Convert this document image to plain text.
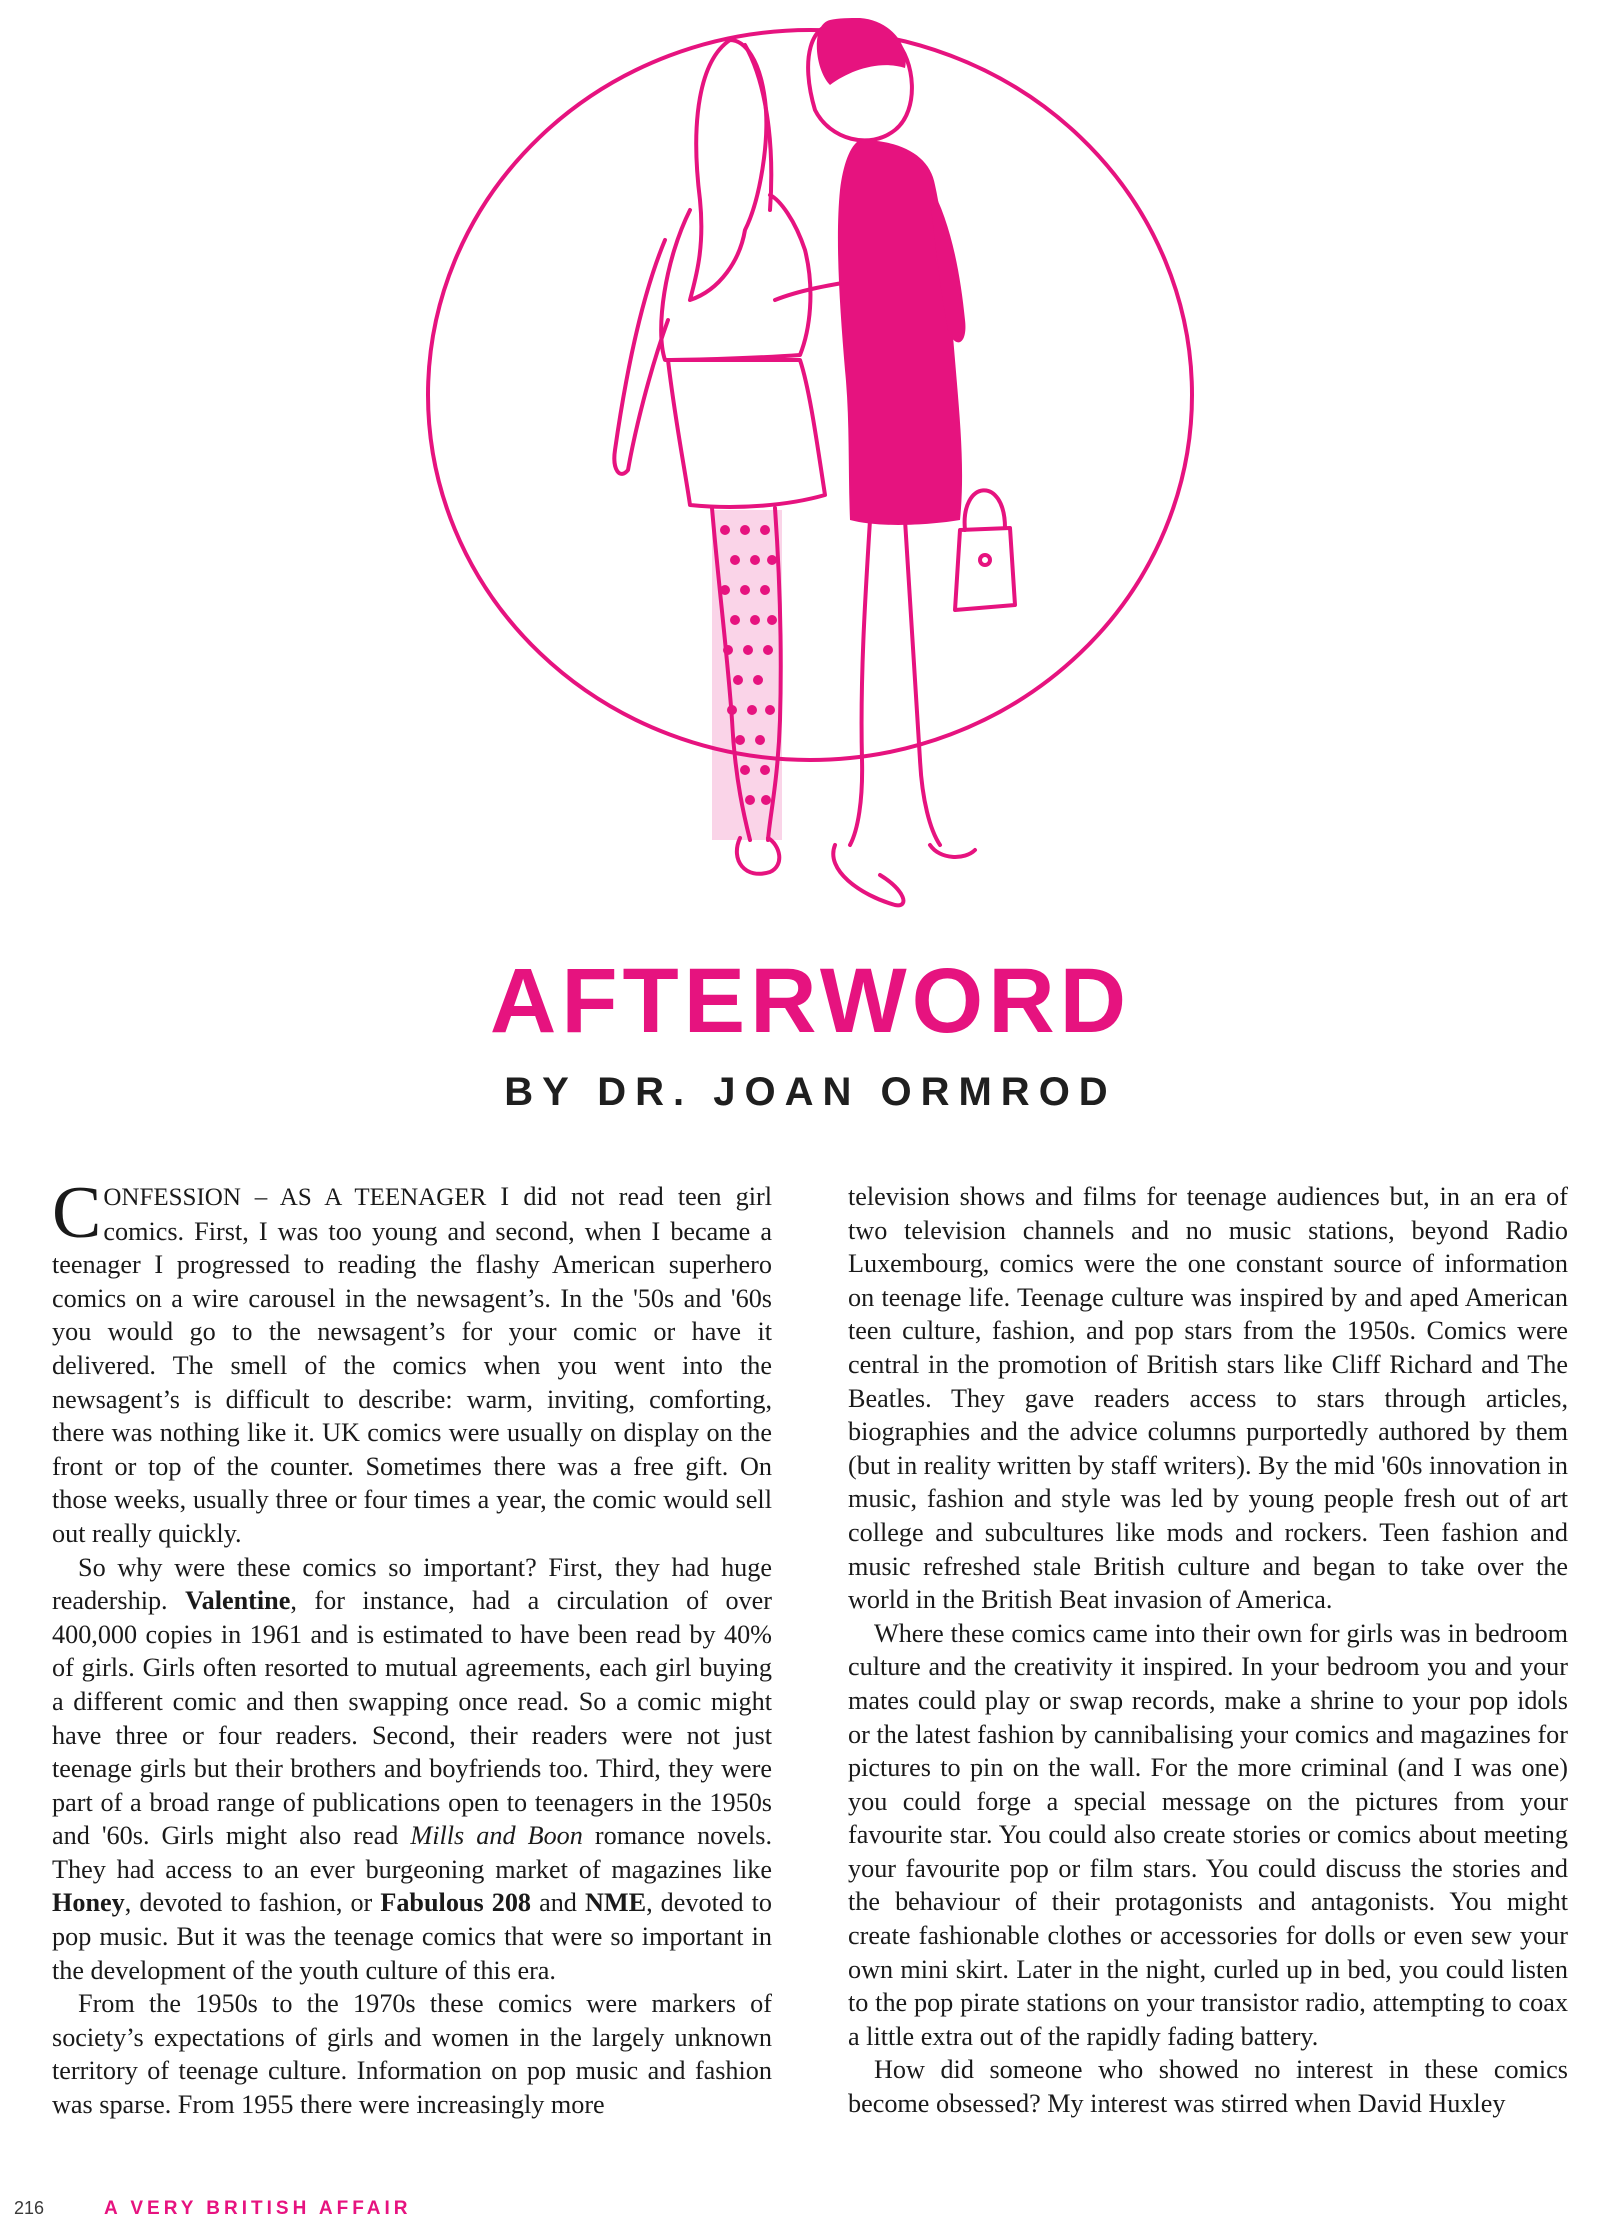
AFTERWORD
BY DR. JOAN ORMROD

CONFESSION – AS A TEENAGER I did not read teen girl comics. First, I was too young and second, when I became a teenager I progressed to reading the flashy American superhero comics on a wire carousel in the newsagent’s. In the '50s and '60s you would go to the newsagent’s for your comic or have it delivered. The smell of the comics when you went into the newsagent’s is difficult to describe: warm, inviting, comforting, there was nothing like it. UK comics were usually on display on the front or top of the counter. Sometimes there was a free gift. On those weeks, usually three or four times a year, the comic would sell out really quickly.

So why were these comics so important? First, they had huge readership. Valentine, for instance, had a circulation of over 400,000 copies in 1961 and is estimated to have been read by 40% of girls. Girls often resorted to mutual agreements, each girl buying a different comic and then swapping once read. So a comic might have three or four readers. Second, their readers were not just teenage girls but their brothers and boyfriends too. Third, they were part of a broad range of publications open to teenagers in the 1950s and '60s. Girls might also read Mills and Boon romance novels. They had access to an ever burgeoning market of magazines like Honey, devoted to fashion, or Fabulous 208 and NME, devoted to pop music. But it was the teenage comics that were so important in the development of the youth culture of this era.

From the 1950s to the 1970s these comics were markers of society’s expectations of girls and women in the largely unknown territory of teenage culture. Information on pop music and fashion was sparse. From 1955 there were increasingly more

television shows and films for teenage audiences but, in an era of two television channels and no music stations, beyond Radio Luxembourg, comics were the one constant source of information on teenage life. Teenage culture was inspired by and aped American teen culture, fashion, and pop stars from the 1950s. Comics were central in the promotion of British stars like Cliff Richard and The Beatles. They gave readers access to stars through articles, biographies and the advice columns purportedly authored by them (but in reality written by staff writers). By the mid '60s innovation in music, fashion and style was led by young people fresh out of art college and subcultures like mods and rockers. Teen fashion and music refreshed stale British culture and began to take over the world in the British Beat invasion of America.

Where these comics came into their own for girls was in bedroom culture and the creativity it inspired. In your bedroom you and your mates could play or swap records, make a shrine to your pop idols or the latest fashion by cannibalising your comics and magazines for pictures to pin on the wall. For the more criminal (and I was one) you could forge a special message on the pictures from your favourite star. You could also create stories or comics about meeting your favourite pop or film stars. You could discuss the stories and the behaviour of their protagonists and antagonists. You might create fashionable clothes or accessories for dolls or even sew your own mini skirt. Later in the night, curled up in bed, you could listen to the pop pirate stations on your transistor radio, attempting to coax a little extra out of the rapidly fading battery.

How did someone who showed no interest in these comics become obsessed? My interest was stirred when David Huxley

216	A VERY BRITISH AFFAIR
